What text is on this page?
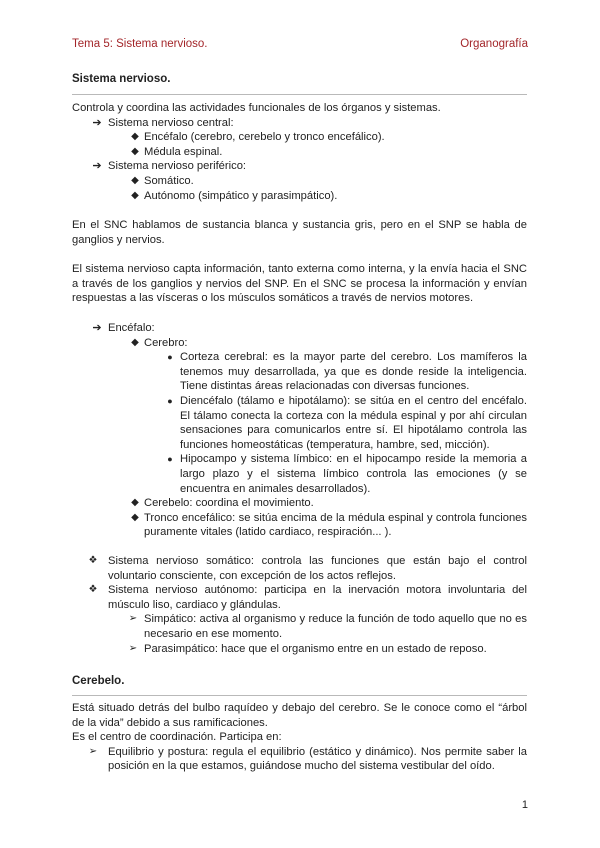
Tema 5: Sistema nervioso.	Organografía
Sistema nervioso.

Controla y coordina las actividades funcionales de los órganos y sistemas.

➔ Sistema nervioso central:
◆ Encéfalo (cerebro, cerebelo y tronco encefálico).
◆ Médula espinal.
➔ Sistema nervioso periférico:
◆ Somático.
◆ Autónomo (simpático y parasimpático).

En el SNC hablamos de sustancia blanca y sustancia gris, pero en el SNP se habla de ganglios y nervios.

El sistema nervioso capta información, tanto externa como interna, y la envía hacia el SNC a través de los ganglios y nervios del SNP. En el SNC se procesa la información y envían respuestas a las vísceras o los músculos somáticos a través de nervios motores.

➔ Encéfalo:
◆ Cerebro:
● Corteza cerebral: es la mayor parte del cerebro. Los mamíferos la tenemos muy desarrollada, ya que es donde reside la inteligencia. Tiene distintas áreas relacionadas con diversas funciones.
● Diencéfalo (tálamo e hipotálamo): se sitúa en el centro del encéfalo. El tálamo conecta la corteza con la médula espinal y por ahí circulan sensaciones para comunicarlos entre sí. El hipotálamo controla las funciones homeostáticas (temperatura, hambre, sed, micción).
● Hipocampo y sistema límbico: en el hipocampo reside la memoria a largo plazo y el sistema límbico controla las emociones (y se encuentra en animales desarrollados).
◆ Cerebelo: coordina el movimiento.
◆ Tronco encefálico: se sitúa encima de la médula espinal y controla funciones puramente vitales (latido cardiaco, respiración... ).
❖ Sistema nervioso somático: controla las funciones que están bajo el control voluntario consciente, con excepción de los actos reflejos.
❖ Sistema nervioso autónomo: participa en la inervación motora involuntaria del músculo liso, cardiaco y glándulas.
➢ Simpático: activa al organismo y reduce la función de todo aquello que no es necesario en ese momento.
➢ Parasimpático: hace que el organismo entre en un estado de reposo.
Cerebelo.

Está situado detrás del bulbo raquídeo y debajo del cerebro. Se le conoce como el “árbol de la vida” debido a sus ramificaciones.

Es el centro de coordinación. Participa en:

➢ Equilibrio y postura: regula el equilibrio (estático y dinámico). Nos permite saber la posición en la que estamos, guiándose mucho del sistema vestibular del oído.
1
